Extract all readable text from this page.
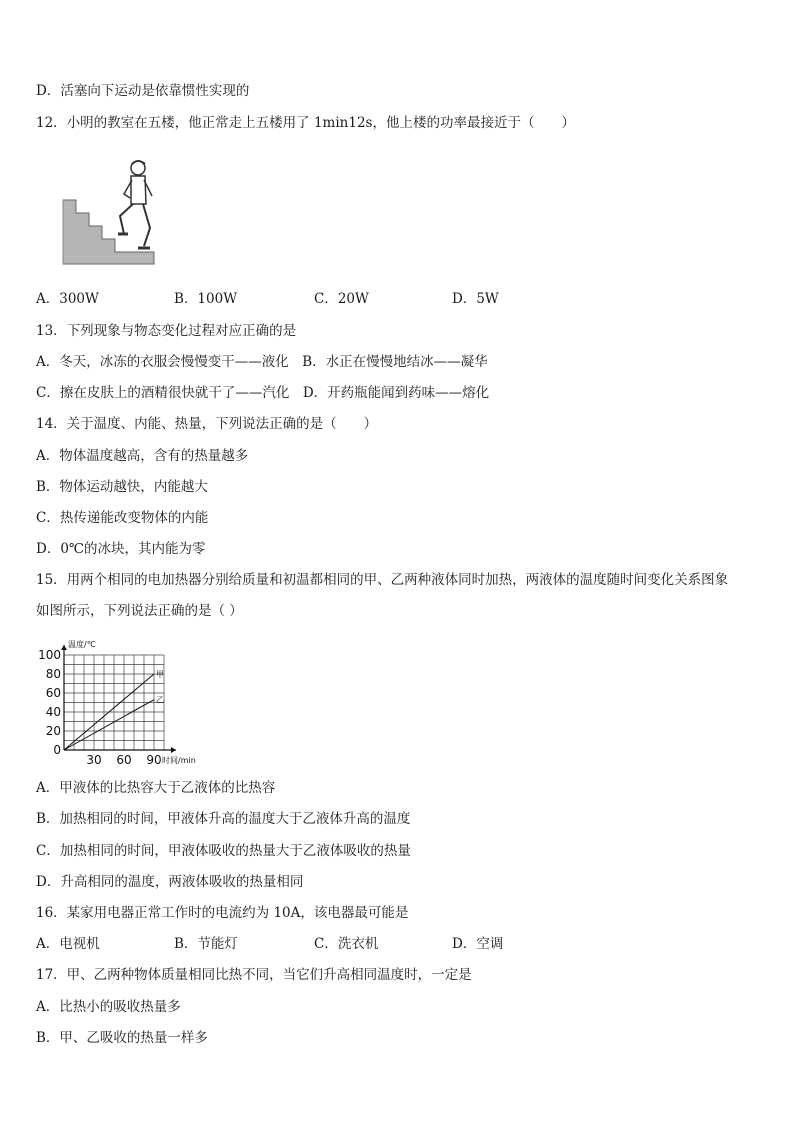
D．活塞向下运动是依靠惯性实现的
12．小明的教室在五楼，他正常走上五楼用了 1min12s，他上楼的功率最接近于（　　）
A．300W	B．100W	C．20W	D．5W
13．下列现象与物态变化过程对应正确的是
A．冬天，冰冻的衣服会慢慢变干——液化　B．水正在慢慢地结冰——凝华
C．擦在皮肤上的酒精很快就干了——汽化　D．开药瓶能闻到药味——熔化
14．关于温度、内能、热量，下列说法正确的是（　　）
A．物体温度越高，含有的热量越多
B．物体运动越快，内能越大
C．热传递能改变物体的内能
D．0℃的冰块，其内能为零
15．用两个相同的电加热器分别给质量和初温都相同的甲、乙两种液体同时加热，两液体的温度随时间变化关系图象
如图所示，下列说法正确的是（ ）
100
80
60
40
20
0
30 60 90
温度/℃
时间/min
甲
乙
A．甲液体的比热容大于乙液体的比热容
B．加热相同的时间，甲液体升高的温度大于乙液体升高的温度
C．加热相同的时间，甲液体吸收的热量大于乙液体吸收的热量
D．升高相同的温度，两液体吸收的热量相同
16．某家用电器正常工作时的电流约为 10A，该电器最可能是
A．电视机	B．节能灯	C．洗衣机	D．空调
17．甲、乙两种物体质量相同比热不同，当它们升高相同温度时，一定是
A．比热小的吸收热量多
B．甲、乙吸收的热量一样多
